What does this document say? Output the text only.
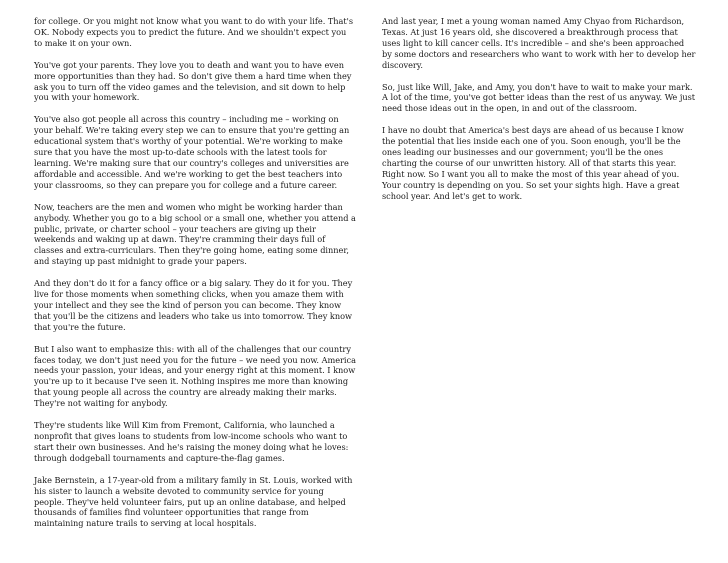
for college. Or you might not know what you want to do with your life. That's OK. Nobody expects you to predict the future. And we shouldn't expect you to make it on your own.

You've got your parents. They love you to death and want you to have even more opportunities than they had. So don't give them a hard time when they ask you to turn off the video games and the television, and sit down to help you with your homework.

You've also got people all across this country – including me – working on your behalf. We're taking every step we can to ensure that you're getting an educational system that's worthy of your potential. We're working to make sure that you have the most up-to-date schools with the latest tools for learning. We're making sure that our country's colleges and universities are affordable and accessible. And we're working to get the best teachers into your classrooms, so they can prepare you for college and a future career.

Now, teachers are the men and women who might be working harder than anybody. Whether you go to a big school or a small one, whether you attend a public, private, or charter school – your teachers are giving up their weekends and waking up at dawn. They're cramming their days full of classes and extra-curriculars. Then they're going home, eating some dinner, and staying up past midnight to grade your papers.

And they don't do it for a fancy office or a big salary. They do it for you. They live for those moments when something clicks, when you amaze them with your intellect and they see the kind of person you can become. They know that you'll be the citizens and leaders who take us into tomorrow. They know that you're the future.

But I also want to emphasize this: with all of the challenges that our country faces today, we don't just need you for the future – we need you now. America needs your passion, your ideas, and your energy right at this moment. I know you're up to it because I've seen it. Nothing inspires me more than knowing that young people all across the country are already making their marks. They're not waiting for anybody.

They're students like Will Kim from Fremont, California, who launched a nonprofit that gives loans to students from low-income schools who want to start their own businesses. And he's raising the money doing what he loves: through dodgeball tournaments and capture-the-flag games.

Jake Bernstein, a 17-year-old from a military family in St. Louis, worked with his sister to launch a website devoted to community service for young people. They've held volunteer fairs, put up an online database, and helped thousands of families find volunteer opportunities that range from maintaining nature trails to serving at local hospitals.

And last year, I met a young woman named Amy Chyao from Richardson, Texas. At just 16 years old, she discovered a breakthrough process that uses light to kill cancer cells. It's incredible – and she's been approached by some doctors and researchers who want to work with her to develop her discovery.

So, just like Will, Jake, and Amy, you don't have to wait to make your mark. A lot of the time, you've got better ideas than the rest of us anyway. We just need those ideas out in the open, in and out of the classroom.

I have no doubt that America's best days are ahead of us because I know the potential that lies inside each one of you. Soon enough, you'll be the ones leading our businesses and our government; you'll be the ones charting the course of our unwritten history. All of that starts this year. Right now. So I want you all to make the most of this year ahead of you. Your country is depending on you. So set your sights high. Have a great school year. And let's get to work.
